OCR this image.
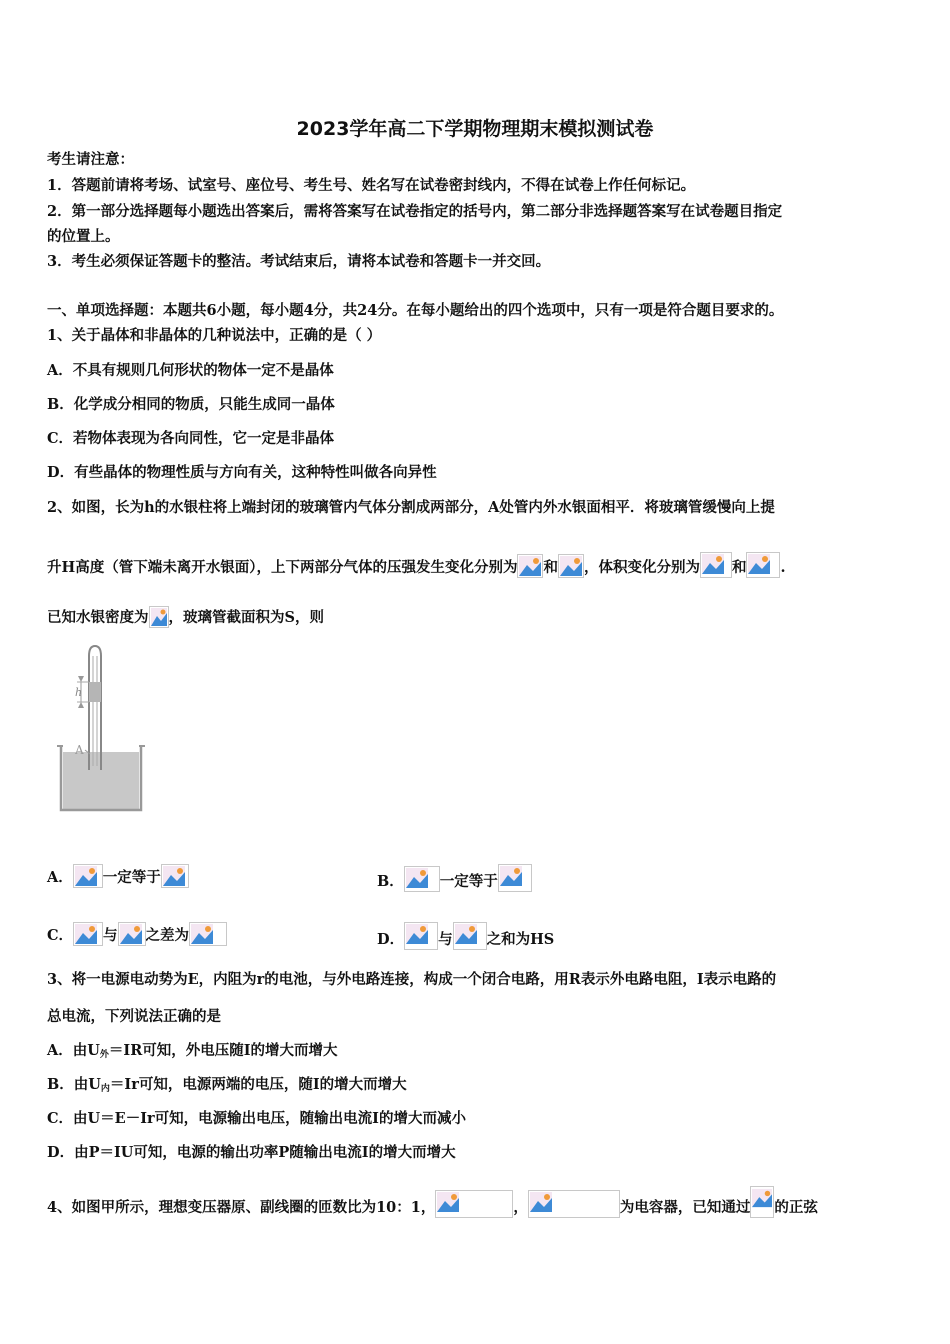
2023学年高二下学期物理期末模拟测试卷
考生请注意：
1．答题前请将考场、试室号、座位号、考生号、姓名写在试卷密封线内，不得在试卷上作任何标记。
2．第一部分选择题每小题选出答案后，需将答案写在试卷指定的括号内，第二部分非选择题答案写在试卷题目指定
的位置上。
3．考生必须保证答题卡的整洁。考试结束后，请将本试卷和答题卡一并交回。
一、单项选择题：本题共6小题，每小题4分，共24分。在每小题给出的四个选项中，只有一项是符合题目要求的。
1、关于晶体和非晶体的几种说法中，正确的是（ ）
A．不具有规则几何形状的物体一定不是晶体
B．化学成分相同的物质，只能生成同一晶体
C．若物体表现为各向同性，它一定是非晶体
D．有些晶体的物理性质与方向有关，这种特性叫做各向异性
2、如图，长为h的水银柱将上端封闭的玻璃管内气体分割成两部分，A处管内外水银面相平．将玻璃管缓慢向上提
升H高度（管下端未离开水银面），上下两部分气体的压强发生变化分别为 和 ，体积变化分别为 和 .
已知水银密度为 ，玻璃管截面积为S，则
h
A
A． 一定等于	B． 一定等于
C． 与 之差为	D． 与 之和为HS
3、将一电源电动势为E，内阻为r的电池，与外电路连接，构成一个闭合电路，用R表示外电路电阻，I表示电路的
总电流，下列说法正确的是
A．由$U_外=IR$可知，外电压随I的增大而增大
B．由$U_内=Ir$可知，电源两端的电压，随I的增大而增大
C．由U＝E－Ir可知，电源输出电压，随输出电流I的增大而减小
D．由P＝IU可知，电源的输出功率P随输出电流I的增大而增大
4、如图甲所示，理想变压器原、副线圈的匝数比为10：1，	，	为电容器，已知通过 的正弦
